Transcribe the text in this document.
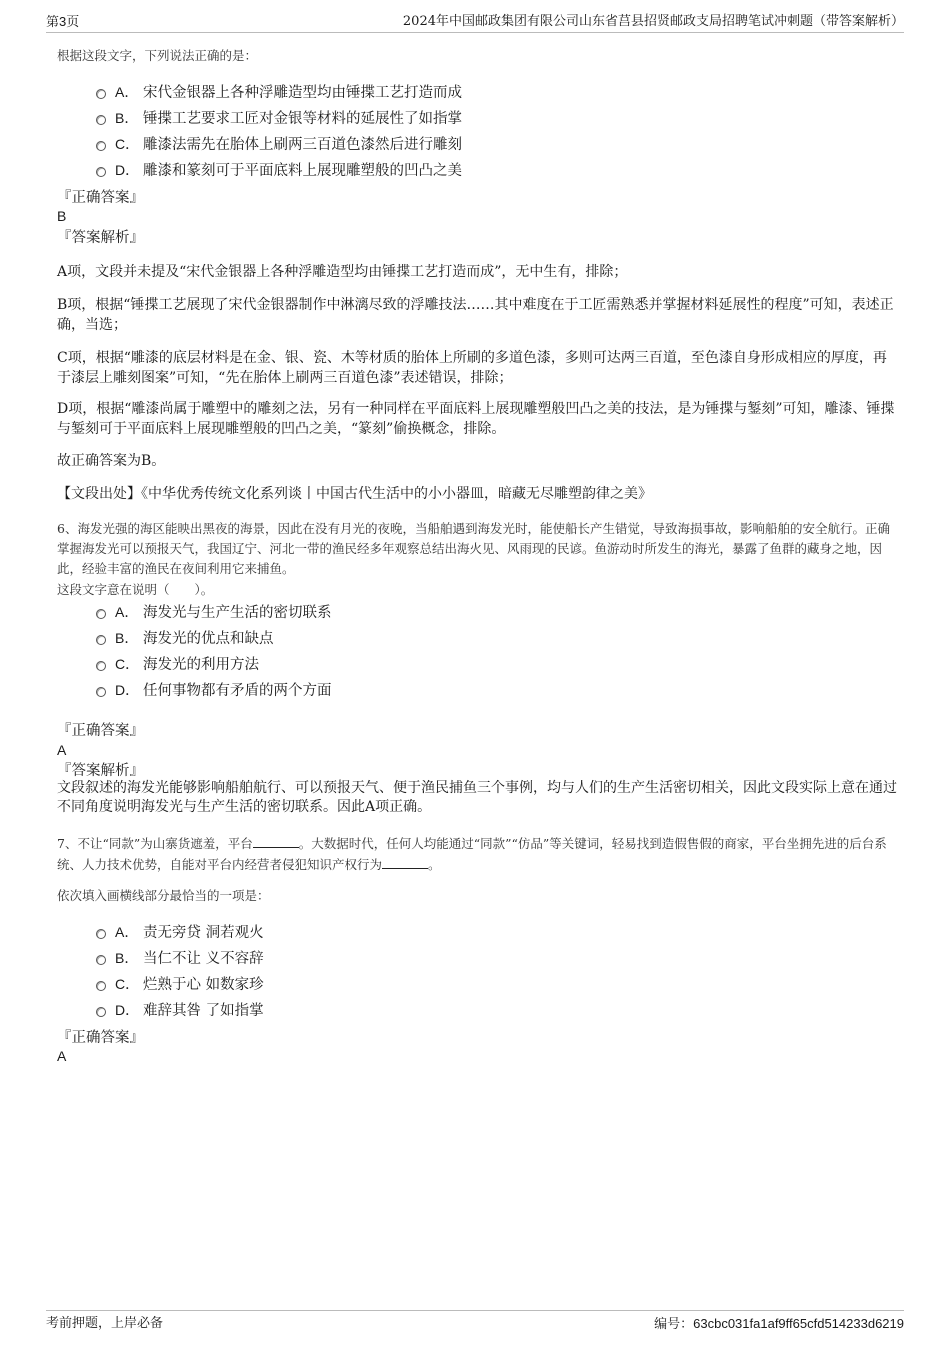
第3页	2024年中国邮政集团有限公司山东省莒县招贤邮政支局招聘笔试冲刺题（带答案解析）
根据这段文字，下列说法正确的是：
A． 宋代金银器上各种浮雕造型均由锤揲工艺打造而成
B． 锤揲工艺要求工匠对金银等材料的延展性了如指掌
C． 雕漆法需先在胎体上刷两三百道色漆然后进行雕刻
D． 雕漆和篆刻可于平面底料上展现雕塑般的凹凸之美
『正确答案』
B
『答案解析』
A项，文段并未提及“宋代金银器上各种浮雕造型均由锤揲工艺打造而成”，无中生有，排除；
B项，根据“锤揲工艺展现了宋代金银器制作中淋漓尽致的浮雕技法……其中难度在于工匠需熟悉并掌握材料延展性的程度”可知，表述正确，当选；
C项，根据“雕漆的底层材料是在金、银、瓷、木等材质的胎体上所刷的多道色漆，多则可达两三百道，至色漆自身形成相应的厚度，再于漆层上雕刻图案”可知，“先在胎体上刷两三百道色漆”表述错误，排除；
D项，根据“雕漆尚属于雕塑中的雕刻之法，另有一种同样在平面底料上展现雕塑般凹凸之美的技法，是为锤揲与錾刻”可知，雕漆、锤揲与錾刻可于平面底料上展现雕塑般的凹凸之美，“篆刻”偷换概念，排除。
故正确答案为B。
【文段出处】《中华优秀传统文化系列谈丨中国古代生活中的小小器皿，暗藏无尽雕塑韵律之美》
6、海发光强的海区能映出黑夜的海景，因此在没有月光的夜晚，当船舶遇到海发光时，能使船长产生错觉，导致海损事故，影响船舶的安全航行。正确掌握海发光可以预报天气，我国辽宁、河北一带的渔民经多年观察总结出海火见、风雨现的民谚。鱼游动时所发生的海光，暴露了鱼群的藏身之地，因此，经验丰富的渔民在夜间利用它来捕鱼。
这段文字意在说明（　　）。
A． 海发光与生产生活的密切联系
B． 海发光的优点和缺点
C． 海发光的利用方法
D． 任何事物都有矛盾的两个方面
『正确答案』
A
『答案解析』
文段叙述的海发光能够影响船舶航行、可以预报天气、便于渔民捕鱼三个事例，均与人们的生产生活密切相关，因此文段实际上意在通过不同角度说明海发光与生产生活的密切联系。因此A项正确。
7、不让“同款”为山寨货遮羞，平台	。大数据时代，任何人均能通过“同款”“仿品”等关键词，轻易找到造假售假的商家，平台坐拥先进的后台系统、人力技术优势，自能对平台内经营者侵犯知识产权行为	。
依次填入画横线部分最恰当的一项是：
A． 责无旁贷 洞若观火
B． 当仁不让 义不容辞
C． 烂熟于心 如数家珍
D． 难辞其咎 了如指掌
『正确答案』
A
考前押题，上岸必备	编号：63cbc031fa1af9ff65cfd514233d6219
